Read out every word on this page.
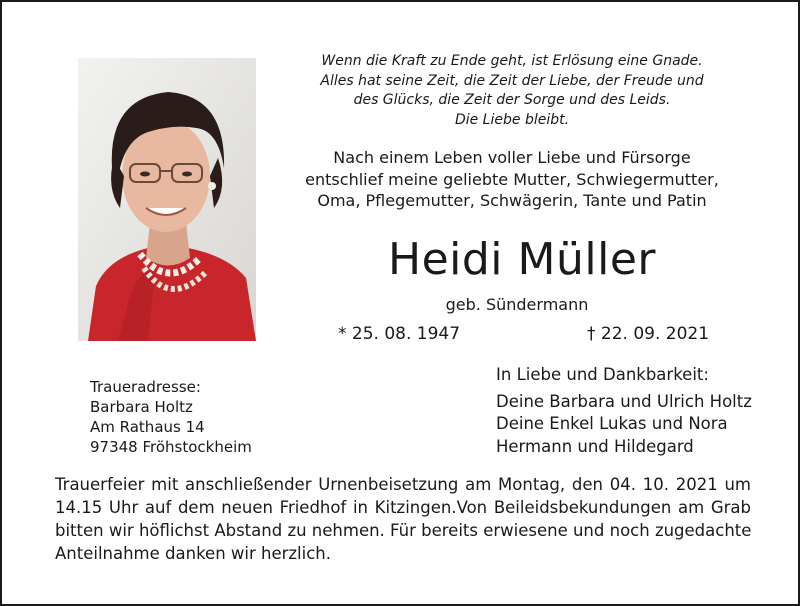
Wenn die Kraft zu Ende geht, ist Erlösung eine Gnade.
Alles hat seine Zeit, die Zeit der Liebe, der Freude und
des Glücks, die Zeit der Sorge und des Leids.
Die Liebe bleibt.
Nach einem Leben voller Liebe und Fürsorge
entschlief meine geliebte Mutter, Schwiegermutter,
Oma, Pflegemutter, Schwägerin, Tante und Patin
Heidi Müller
geb. Sündermann
* 25. 08. 1947	† 22. 09. 2021
Traueradresse:
Barbara Holtz
Am Rathaus 14
97348 Fröhstockheim
In Liebe und Dankbarkeit:
Deine Barbara und Ulrich Holtz
Deine Enkel Lukas und Nora
Hermann und Hildegard
Trauerfeier mit anschließender Urnenbeisetzung am Montag, den 04. 10. 2021 um
14.15 Uhr auf dem neuen Friedhof in Kitzingen.Von Beileidsbekundungen am Grab
bitten wir höflichst Abstand zu nehmen. Für bereits erwiesene und noch zugedachte
Anteilnahme danken wir herzlich.
